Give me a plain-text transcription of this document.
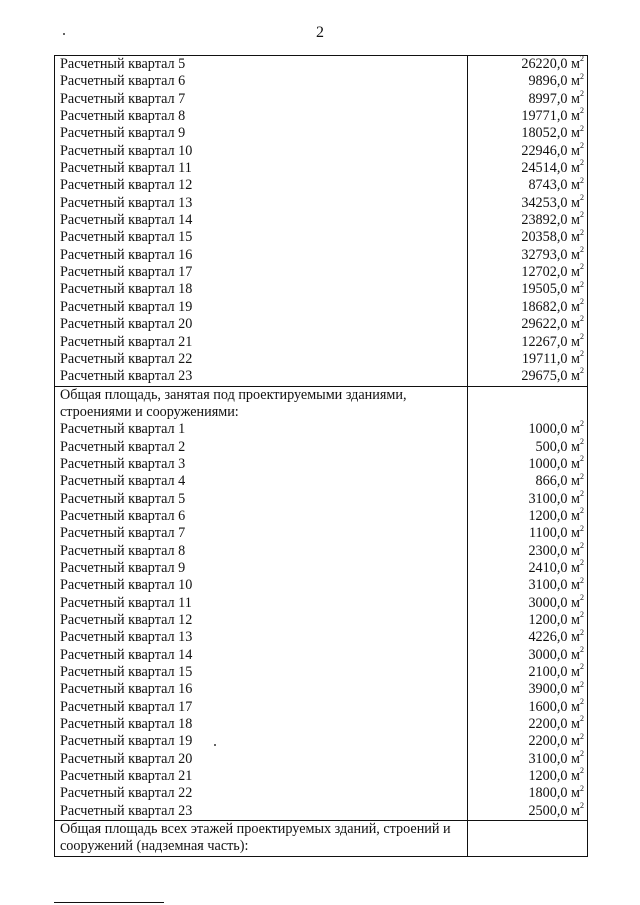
2
Расчетный квартал 5	26220,0 $м^2$
Расчетный квартал 6	9896,0 $м^2$
Расчетный квартал 7	8997,0 $м^2$
Расчетный квартал 8	19771,0 $м^2$
Расчетный квартал 9	18052,0 $м^2$
Расчетный квартал 10	22946,0 $м^2$
Расчетный квартал 11	24514,0 $м^2$
Расчетный квартал 12	8743,0 $м^2$
Расчетный квартал 13	34253,0 $м^2$
Расчетный квартал 14	23892,0 $м^2$
Расчетный квартал 15	20358,0 $м^2$
Расчетный квартал 16	32793,0 $м^2$
Расчетный квартал 17	12702,0 $м^2$
Расчетный квартал 18	19505,0 $м^2$
Расчетный квартал 19	18682,0 $м^2$
Расчетный квартал 20	29622,0 $м^2$
Расчетный квартал 21	12267,0 $м^2$
Расчетный квартал 22	19711,0 $м^2$
Расчетный квартал 23	29675,0 $м^2$
Общая площадь, занятая под проектируемыми зданиями, строениями и сооружениями:
Расчетный квартал 1	1000,0 $м^2$
Расчетный квартал 2	500,0 $м^2$
Расчетный квартал 3	1000,0 $м^2$
Расчетный квартал 4	866,0 $м^2$
Расчетный квартал 5	3100,0 $м^2$
Расчетный квартал 6	1200,0 $м^2$
Расчетный квартал 7	1100,0 $м^2$
Расчетный квартал 8	2300,0 $м^2$
Расчетный квартал 9	2410,0 $м^2$
Расчетный квартал 10	3100,0 $м^2$
Расчетный квартал 11	3000,0 $м^2$
Расчетный квартал 12	1200,0 $м^2$
Расчетный квартал 13	4226,0 $м^2$
Расчетный квартал 14	3000,0 $м^2$
Расчетный квартал 15	2100,0 $м^2$
Расчетный квартал 16	3900,0 $м^2$
Расчетный квартал 17	1600,0 $м^2$
Расчетный квартал 18	2200,0 $м^2$
Расчетный квартал 19	2200,0 $м^2$
Расчетный квартал 20	3100,0 $м^2$
Расчетный квартал 21	1200,0 $м^2$
Расчетный квартал 22	1800,0 $м^2$
Расчетный квартал 23	2500,0 $м^2$
Общая площадь всех этажей проектируемых зданий, строений и сооружений (надземная часть):
